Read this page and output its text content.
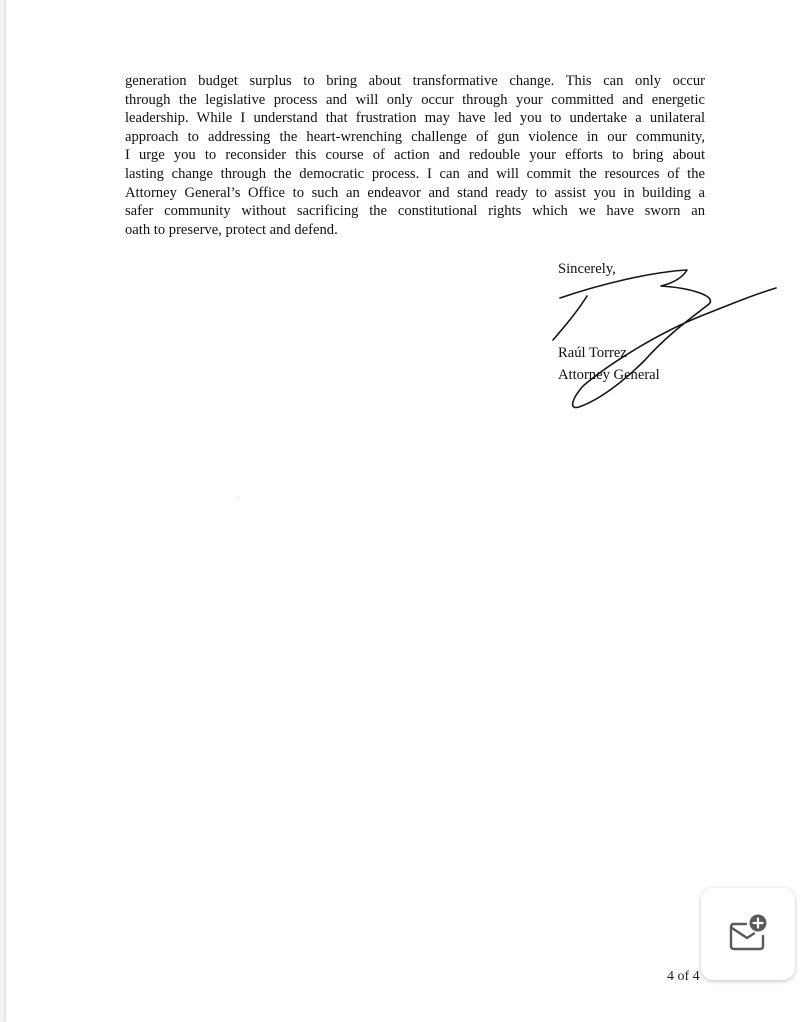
generation budget surplus to bring about transformative change. This can only occur
through the legislative process and will only occur through your committed and energetic
leadership. While I understand that frustration may have led you to undertake a unilateral
approach to addressing the heart-wrenching challenge of gun violence in our community,
I urge you to reconsider this course of action and redouble your efforts to bring about
lasting change through the democratic process. I can and will commit the resources of the
Attorney General’s Office to such an endeavor and stand ready to assist you in building a
safer community without sacrificing the constitutional rights which we have sworn an
oath to preserve, protect and defend.
Sincerely,
Raúl Torrez
Attorney General
4 of 4
